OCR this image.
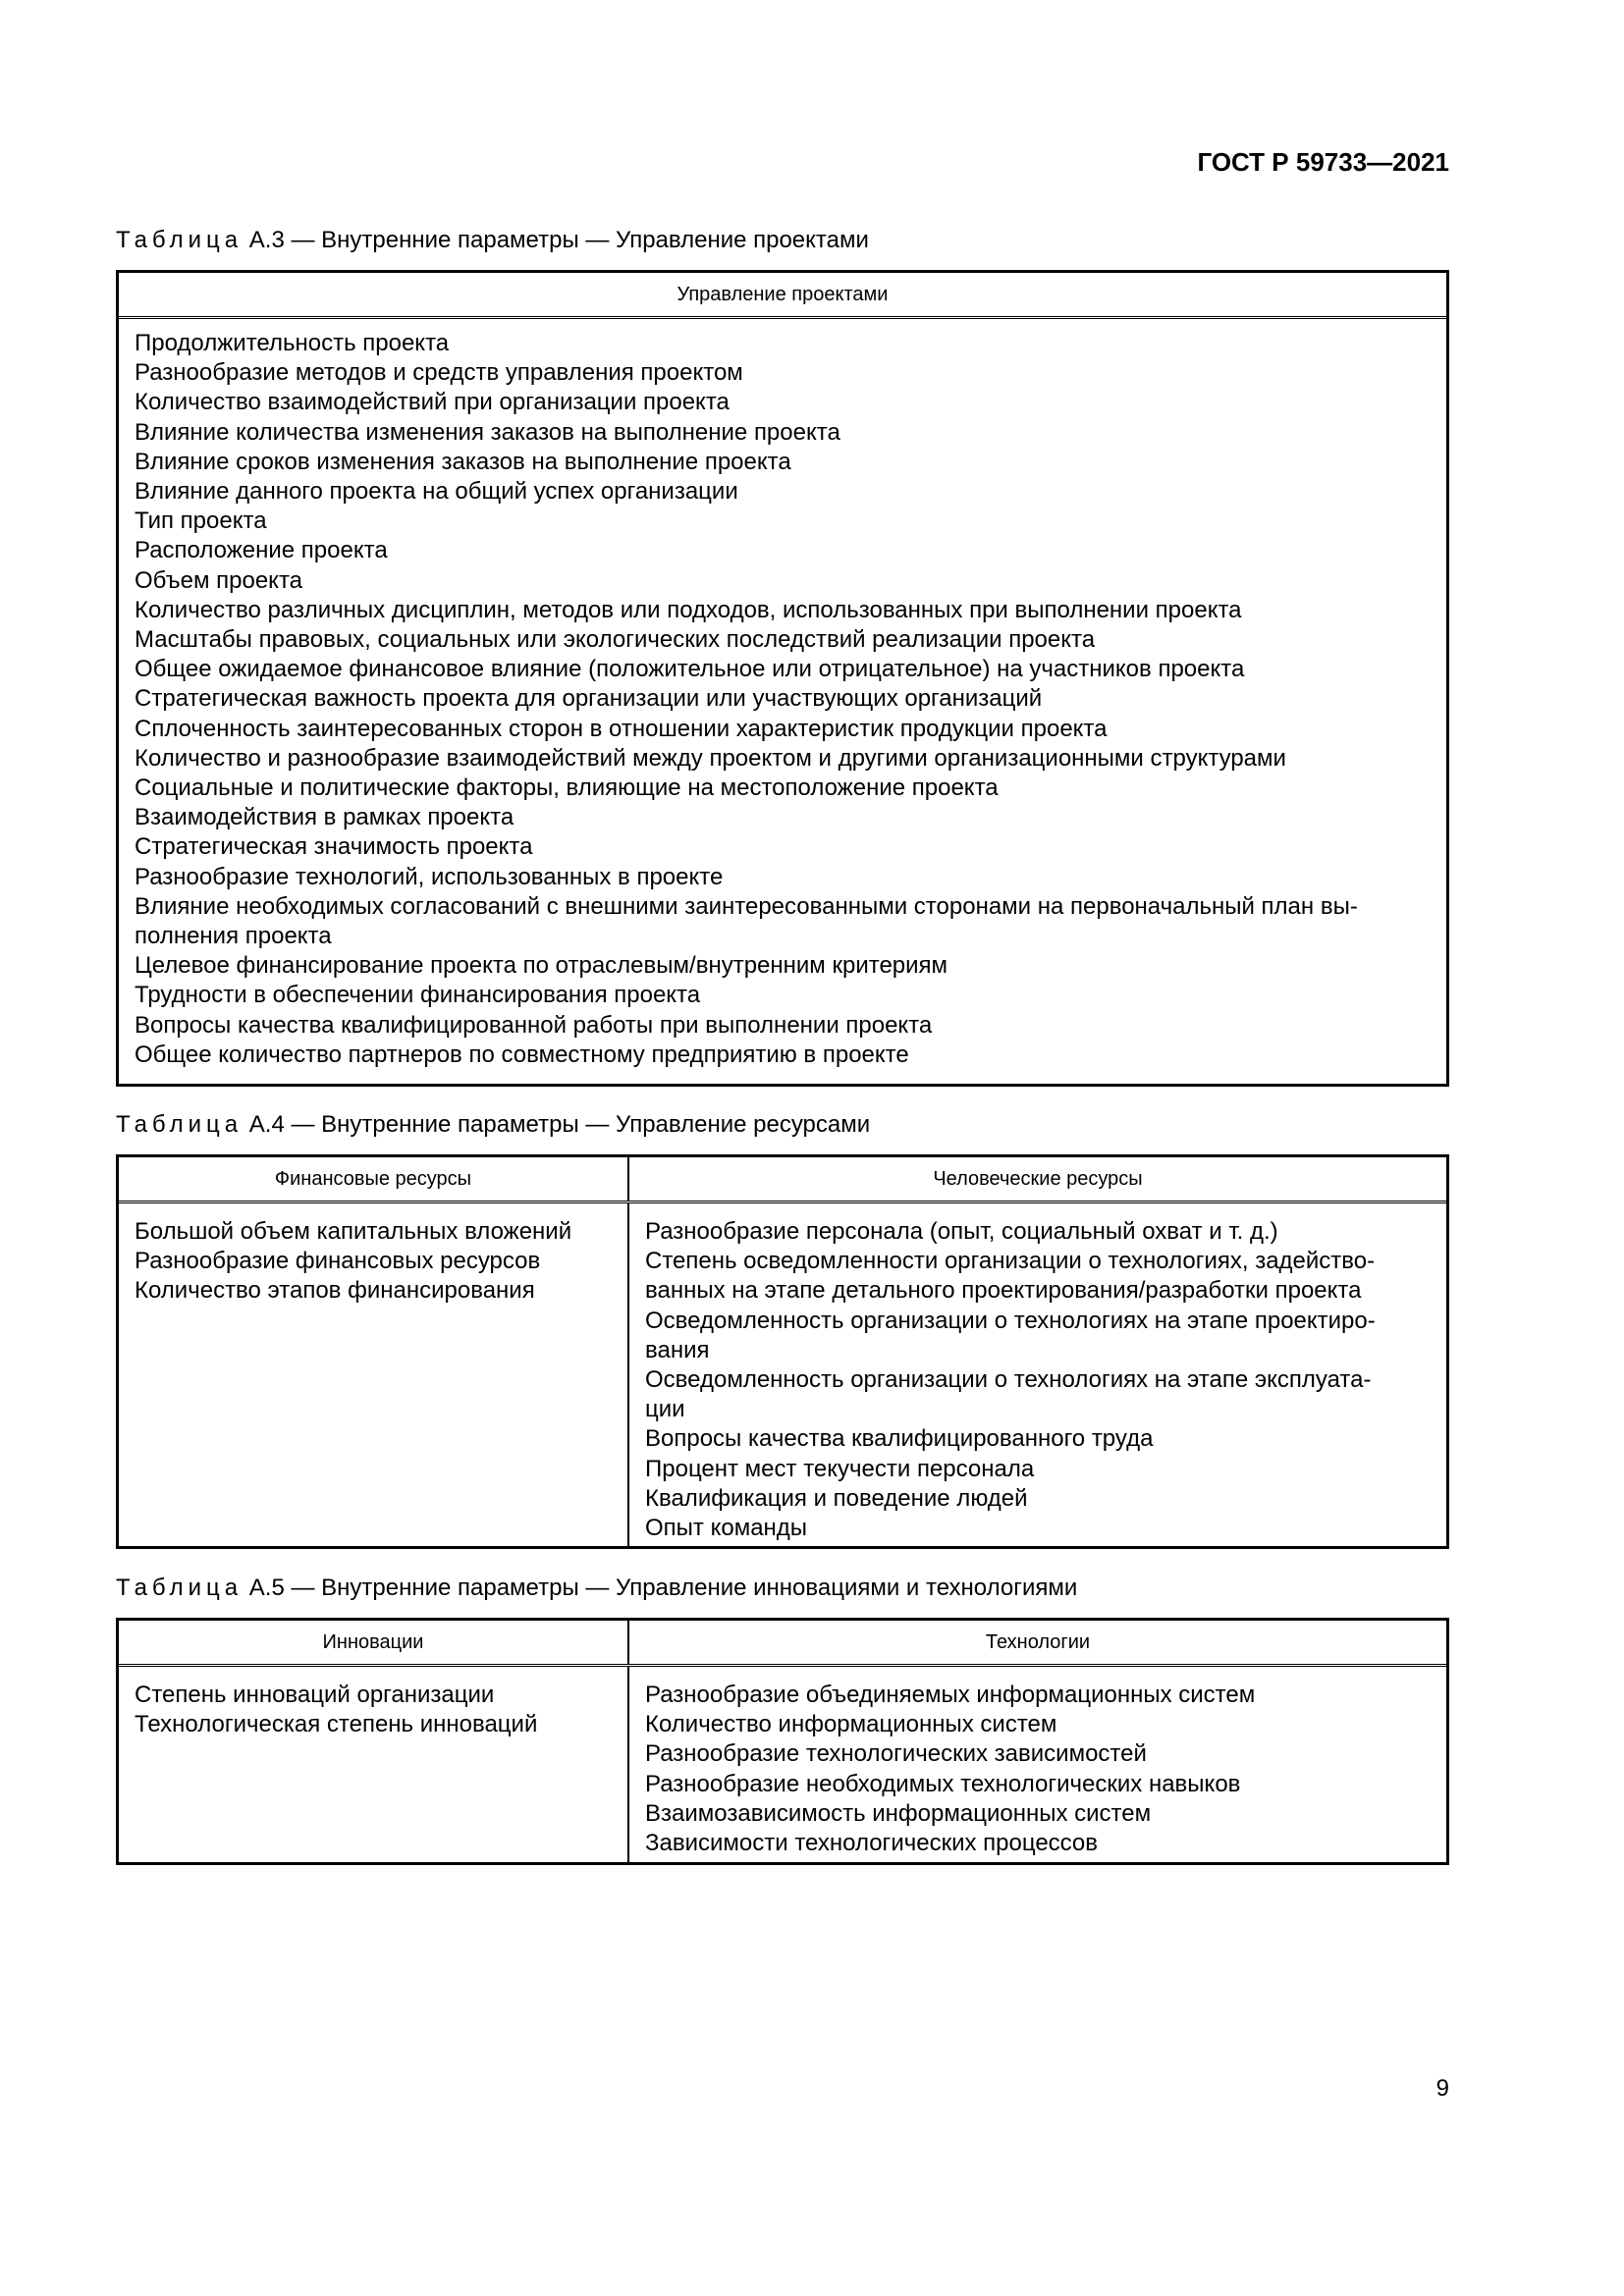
ГОСТ Р 59733—2021
Таблица А.3 — Внутренние параметры — Управление проектами
Управление проектами
Продолжительность проекта
Разнообразие методов и средств управления проектом
Количество взаимодействий при организации проекта
Влияние количества изменения заказов на выполнение проекта
Влияние сроков изменения заказов на выполнение проекта
Влияние данного проекта на общий успех организации
Тип проекта
Расположение проекта
Объем проекта
Количество различных дисциплин, методов или подходов, использованных при выполнении проекта
Масштабы правовых, социальных или экологических последствий реализации проекта
Общее ожидаемое финансовое влияние (положительное или отрицательное) на участников проекта
Стратегическая важность проекта для организации или участвующих организаций
Сплоченность заинтересованных сторон в отношении характеристик продукции проекта
Количество и разнообразие взаимодействий между проектом и другими организационными структурами
Социальные и политические факторы, влияющие на местоположение проекта
Взаимодействия в рамках проекта
Стратегическая значимость проекта
Разнообразие технологий, использованных в проекте
Влияние необходимых согласований с внешними заинтересованными сторонами на первоначальный план вы-
полнения проекта
Целевое финансирование проекта по отраслевым/внутренним критериям
Трудности в обеспечении финансирования проекта
Вопросы качества квалифицированной работы при выполнении проекта
Общее количество партнеров по совместному предприятию в проекте
Таблица А.4 — Внутренние параметры — Управление ресурсами
Финансовые ресурсы	Человеческие ресурсы
Большой объем капитальных вложений
Разнообразие финансовых ресурсов
Количество этапов финансирования
Разнообразие персонала (опыт, социальный охват и т. д.)
Степень осведомленности организации о технологиях, задейство-
ванных на этапе детального проектирования/разработки проекта
Осведомленность организации о технологиях на этапе проектиро-
вания
Осведомленность организации о технологиях на этапе эксплуата-
ции
Вопросы качества квалифицированного труда
Процент мест текучести персонала
Квалификация и поведение людей
Опыт команды
Таблица А.5 — Внутренние параметры — Управление инновациями и технологиями
Инновации	Технологии
Степень инноваций организации
Технологическая степень инноваций
Разнообразие объединяемых информационных систем
Количество информационных систем
Разнообразие технологических зависимостей
Разнообразие необходимых технологических навыков
Взаимозависимость информационных систем
Зависимости технологических процессов
9
